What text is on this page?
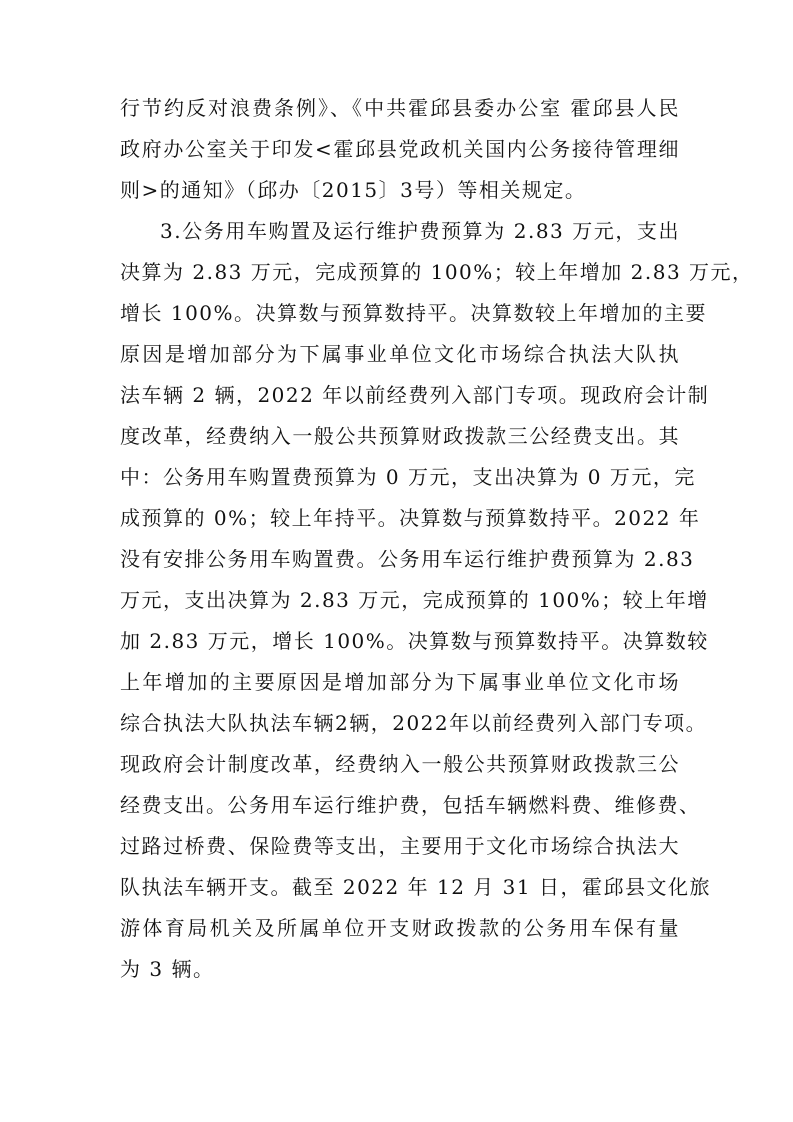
行节约反对浪费条例》、《中共霍邱县委办公室 霍邱县人民
政府办公室关于印发<霍邱县党政机关国内公务接待管理细
则>的通知》（邱办〔2015〕3号）等相关规定。
3.公务用车购置及运行维护费预算为 2.83 万元，支出
决算为 2.83 万元，完成预算的 100%；较上年增加 2.83 万元，
增长 100%。决算数与预算数持平。决算数较上年增加的主要
原因是增加部分为下属事业单位文化市场综合执法大队执
法车辆 2 辆，2022 年以前经费列入部门专项。现政府会计制
度改革，经费纳入一般公共预算财政拨款三公经费支出。其
中：公务用车购置费预算为 0 万元，支出决算为 0 万元，完
成预算的 0%；较上年持平。决算数与预算数持平。2022 年
没有安排公务用车购置费。公务用车运行维护费预算为 2.83
万元，支出决算为 2.83 万元，完成预算的 100%；较上年增
加 2.83 万元，增长 100%。决算数与预算数持平。决算数较
上年增加的主要原因是增加部分为下属事业单位文化市场
综合执法大队执法车辆2辆，2022年以前经费列入部门专项。
现政府会计制度改革，经费纳入一般公共预算财政拨款三公
经费支出。公务用车运行维护费，包括车辆燃料费、维修费、
过路过桥费、保险费等支出，主要用于文化市场综合执法大
队执法车辆开支。截至 2022 年 12 月 31 日，霍邱县文化旅
游体育局机关及所属单位开支财政拨款的公务用车保有量
为 3 辆。
